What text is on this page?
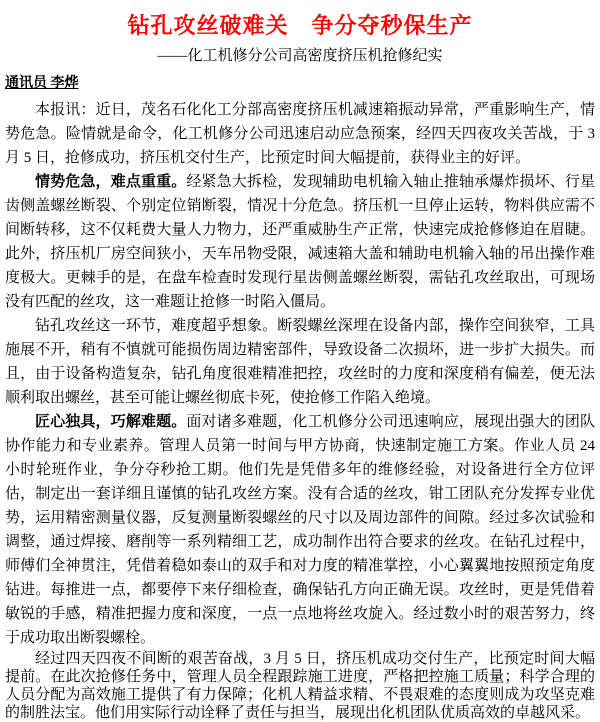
钻孔攻丝破难关　争分夺秒保生产
——化工机修分公司高密度挤压机抢修纪实
通讯员 李烨

本报讯：近日，茂名石化化工分部高密度挤压机减速箱振动异常，严重影响生产，情势危急。险情就是命令，化工机修分公司迅速启动应急预案，经四天四夜攻关苦战，于 3 月 5 日，抢修成功，挤压机交付生产，比预定时间大幅提前，获得业主的好评。

情势危急，难点重重。经紧急大拆检，发现辅助电机输入轴止推轴承爆炸损坏、行星齿侧盖螺丝断裂、个别定位销断裂，情况十分危急。挤压机一旦停止运转，物料供应需不间断转移，这不仅耗费大量人力物力，还严重威胁生产正常，快速完成抢修修迫在眉睫。此外，挤压机厂房空间狭小，天车吊物受限，减速箱大盖和辅助电机输入轴的吊出操作难度极大。更棘手的是，在盘车检查时发现行星齿侧盖螺丝断裂，需钻孔攻丝取出，可现场没有匹配的丝攻，这一难题让抢修一时陷入僵局。

钻孔攻丝这一环节，难度超乎想象。断裂螺丝深埋在设备内部，操作空间狭窄，工具施展不开，稍有不慎就可能损伤周边精密部件，导致设备二次损坏，进一步扩大损失。而且，由于设备构造复杂，钻孔角度很难精准把控，攻丝时的力度和深度稍有偏差，便无法顺利取出螺丝，甚至可能让螺丝彻底卡死，使抢修工作陷入绝境。

匠心独具，巧解难题。面对诸多难题，化工机修分公司迅速响应，展现出强大的团队协作能力和专业素养。管理人员第一时间与甲方协商，快速制定施工方案。作业人员 24 小时轮班作业，争分夺秒抢工期。他们先是凭借多年的维修经验，对设备进行全方位评估，制定出一套详细且谨慎的钻孔攻丝方案。没有合适的丝攻，钳工团队充分发挥专业优势，运用精密测量仪器，反复测量断裂螺丝的尺寸以及周边部件的间隙。经过多次试验和调整，通过焊接、磨削等一系列精细工艺，成功制作出符合要求的丝攻。在钻孔过程中，师傅们全神贯注，凭借着稳如泰山的双手和对力度的精准掌控，小心翼翼地按照预定角度钻进。每推进一点，都要停下来仔细检查，确保钻孔方向正确无误。攻丝时，更是凭借着敏锐的手感，精准把握力度和深度，一点一点地将丝攻旋入。经过数小时的艰苦努力，终于成功取出断裂螺栓。

经过四天四夜不间断的艰苦奋战，3 月 5 日，挤压机成功交付生产，比预定时间大幅提前。在此次抢修任务中，管理人员全程跟踪施工进度，严格把控施工质量；科学合理的人员分配为高效施工提供了有力保障；化机人精益求精、不畏艰难的态度则成为攻坚克难的制胜法宝。他们用实际行动诠释了责任与担当，展现出化机团队优质高效的卓越风采。
